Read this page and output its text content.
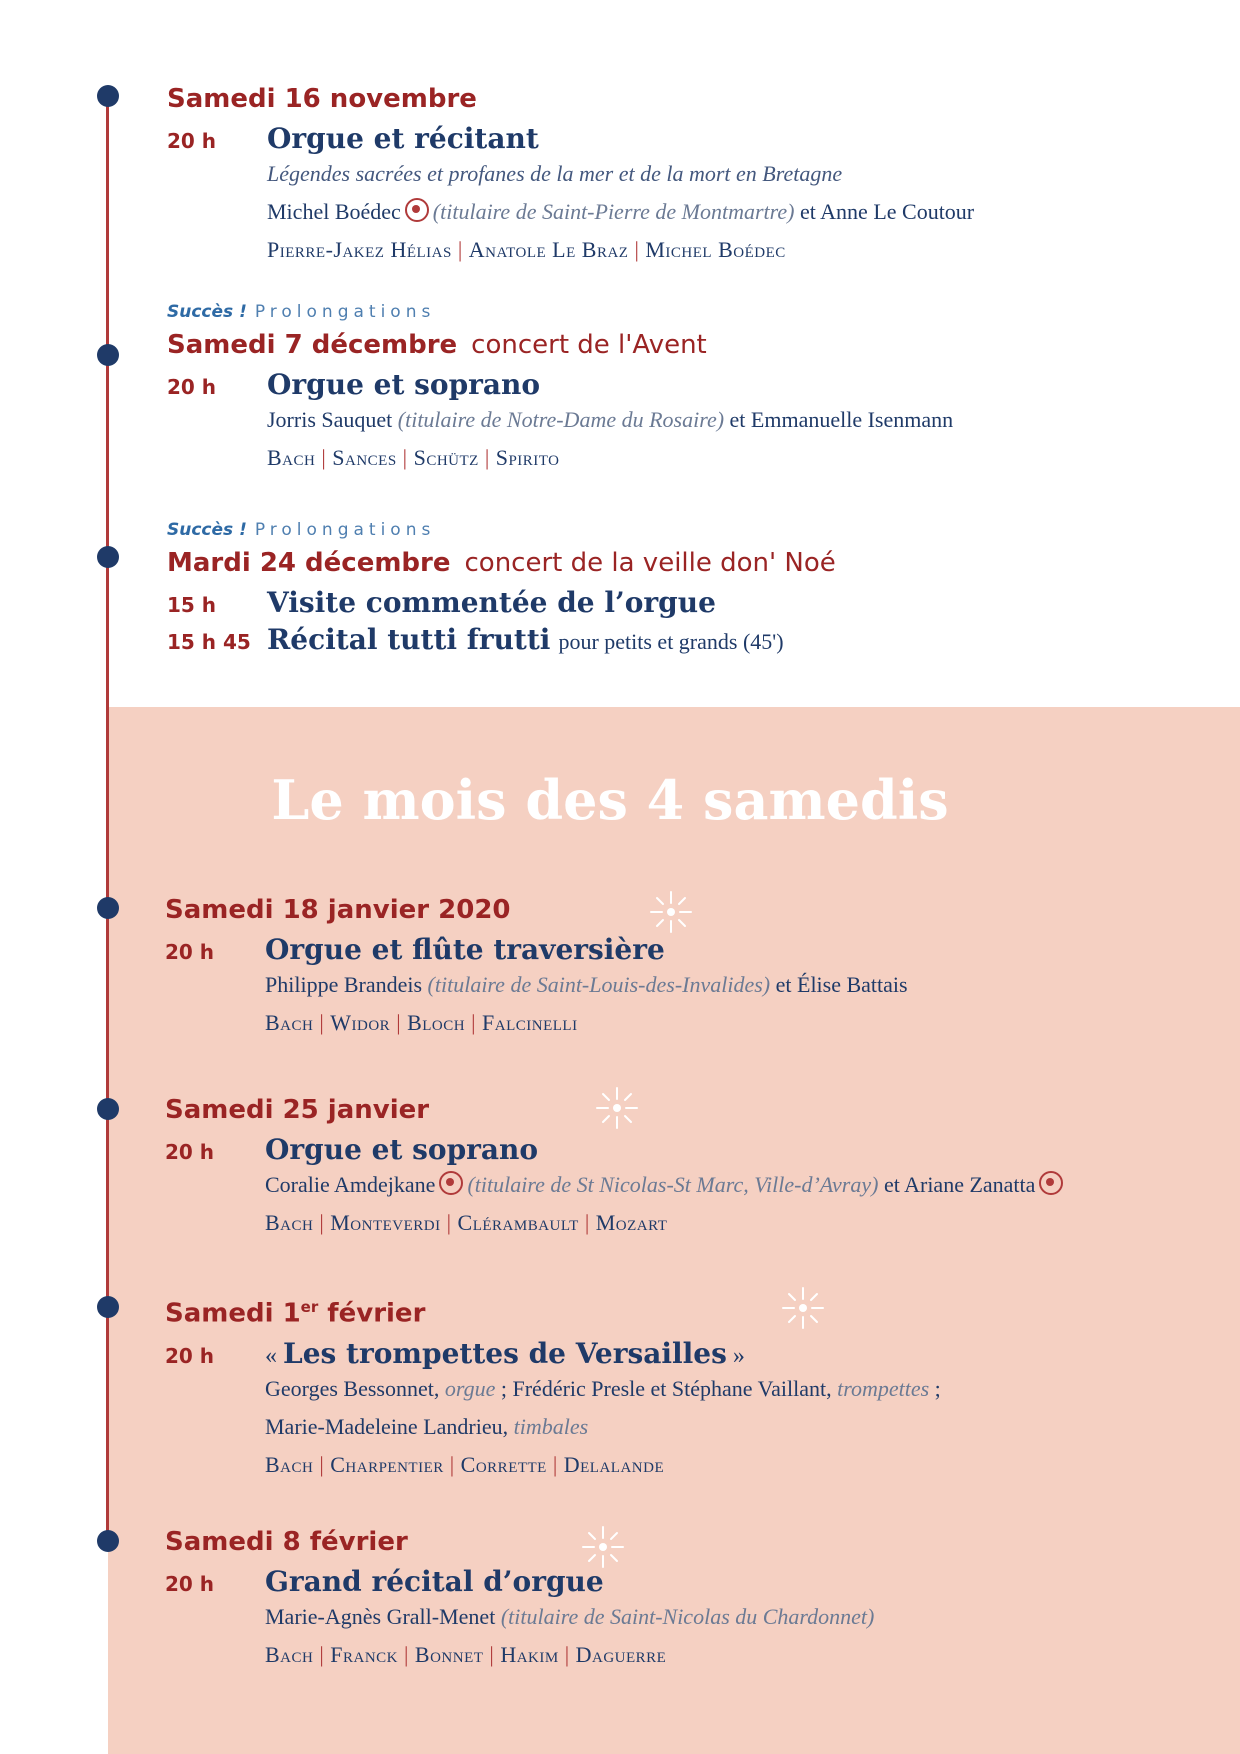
Samedi 16 novembre
20 h	Orgue et récitant
Légendes sacrées et profanes de la mer et de la mort en Bretagne
Michel Boédec (titulaire de Saint-Pierre de Montmartre) et Anne Le Coutour
Pierre-Jakez Hélias | Anatole Le Braz | Michel Boédec
Succès ! Prolongations
Samedi 7 décembre concert de l'Avent
20 h	Orgue et soprano
Jorris Sauquet (titulaire de Notre-Dame du Rosaire) et Emmanuelle Isenmann
Bach | Sances | Schütz | Spirito
Succès ! Prolongations
Mardi 24 décembre concert de la veille don' Noé
15 h	Visite commentée de l’orgue
15 h 45 Récital tutti frutti pour petits et grands (45')
Le mois des 4 samedis
Samedi 18 janvier 2020
20 h	Orgue et flûte traversière
Philippe Brandeis (titulaire de Saint-Louis-des-Invalides) et Élise Battais
Bach | Widor | Bloch | Falcinelli
Samedi 25 janvier
20 h	Orgue et soprano
Coralie Amdejkane (titulaire de St Nicolas-St Marc, Ville-d’Avray) et Ariane Zanatta
Bach | Monteverdi | Clérambault | Mozart
Samedi 1er février
20 h	« Les trompettes de Versailles »
Georges Bessonnet, orgue ; Frédéric Presle et Stéphane Vaillant, trompettes ;
Marie-Madeleine Landrieu, timbales
Bach | Charpentier | Corrette | Delalande
Samedi 8 février
20 h	Grand récital d’orgue
Marie-Agnès Grall-Menet (titulaire de Saint-Nicolas du Chardonnet)
Bach | Franck | Bonnet | Hakim | Daguerre
